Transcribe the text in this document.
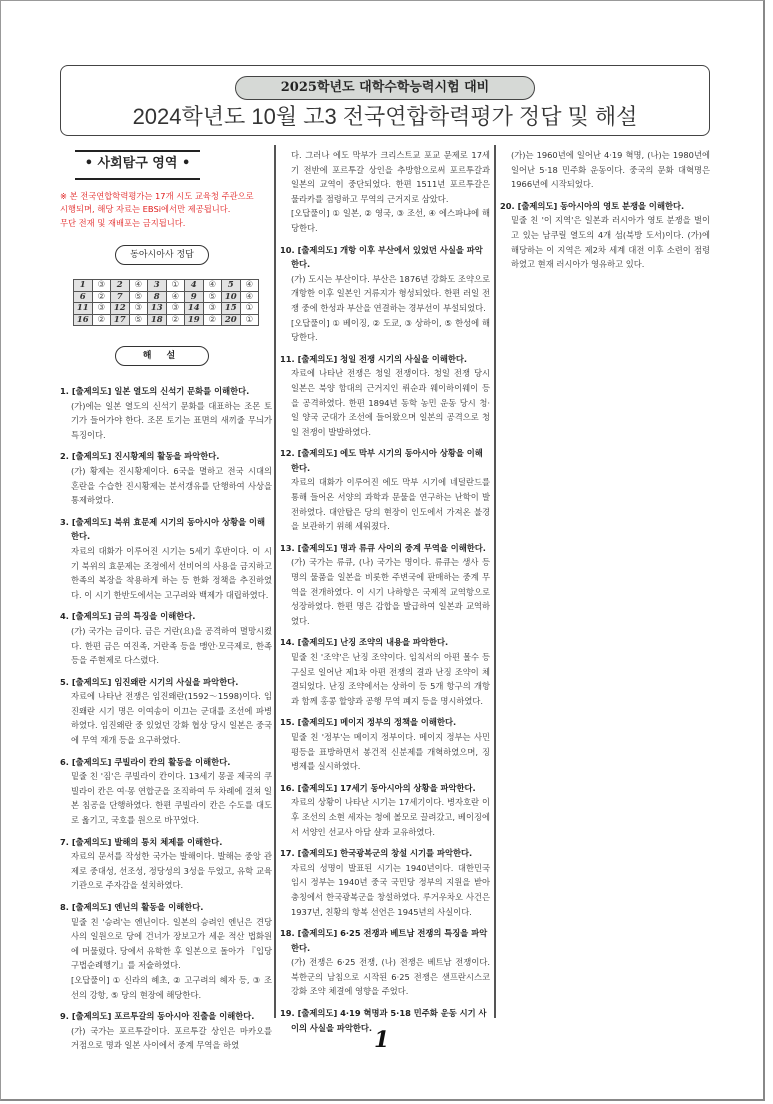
2025학년도 대학수학능력시험 대비
2024학년도 10월 고3 전국연합학력평가 정답 및 해설
• 사회탐구 영역 •
※ 본 전국연합학력평가는 17개 시도 교육청 주관으로
시행되며, 해당 자료는 EBSi에서만 제공됩니다.
무단 전재 및 재배포는 금지됩니다.
동아시아사 정답
1	③	2	④	3	①	4	④	5	④
6	②	7	⑤	8	④	9	⑤	10	④
11	③	12	③	13	③	14	③	15	①
16	②	17	⑤	18	②	19	②	20	①
해 설
1. [출제의도] 일본 열도의 신석기 문화를 이해한다.
(가)에는 일본 열도의 신석기 문화를 대표하는 조몬 토기가 들어가야 한다. 조몬 토기는 표면의 새끼줄 무늬가 특징이다.
2. [출제의도] 진시황제의 활동을 파악한다.
(가) 황제는 진시황제이다. 6국을 멸하고 전국 시대의 혼란을 수습한 진시황제는 분서갱유를 단행하여 사상을 통제하였다.
3. [출제의도] 북위 효문제 시기의 동아시아 상황을 이해한다.
자료의 대화가 이루어진 시기는 5세기 후반이다. 이 시기 북위의 효문제는 조정에서 선비어의 사용을 금지하고 한족의 복장을 착용하게 하는 등 한화 정책을 추진하였다. 이 시기 한반도에서는 고구려와 백제가 대립하였다.
4. [출제의도] 금의 특징을 이해한다.
(가) 국가는 금이다. 금은 거란(요)을 공격하여 멸망시켰다. 한편 금은 여진족, 거란족 등을 맹안·모극제로, 한족 등을 주현제로 다스렸다.
5. [출제의도] 임진왜란 시기의 사실을 파악한다.
자료에 나타난 전쟁은 임진왜란(1592～1598)이다. 임진왜란 시기 명은 이여송이 이끄는 군대를 조선에 파병하였다. 임진왜란 중 있었던 강화 협상 당시 일본은 중국에 무역 재개 등을 요구하였다.
6. [출제의도] 쿠빌라이 칸의 활동을 이해한다.
밑줄 친 '짐'은 쿠빌라이 칸이다. 13세기 몽골 제국의 쿠빌라이 칸은 여·몽 연합군을 조직하여 두 차례에 걸쳐 일본 침공을 단행하였다. 한편 쿠빌라이 칸은 수도를 대도로 옮기고, 국호를 원으로 바꾸었다.
7. [출제의도] 발해의 통치 체제를 이해한다.
자료의 문서를 작성한 국가는 발해이다. 발해는 중앙 관제로 중대성, 선조성, 정당성의 3성을 두었고, 유학 교육 기관으로 주자감을 설치하였다.
8. [출제의도] 엔닌의 활동을 이해한다.
밑줄 친 '승려'는 엔닌이다. 일본의 승려인 엔닌은 견당사의 일원으로 당에 건너가 장보고가 세운 적산 법화원에 머물렀다. 당에서 유학한 후 일본으로 돌아가 『입당구법순례행기』를 저술하였다.
[오답풀이] ① 신라의 혜초, ② 고구려의 혜자 등, ③ 조선의 강항, ⑤ 당의 현장에 해당한다.
9. [출제의도] 포르투갈의 동아시아 진출을 이해한다.
(가) 국가는 포르투갈이다. 포르투갈 상인은 마카오를 거점으로 명과 일본 사이에서 중계 무역을 하였
다. 그러나 에도 막부가 크리스트교 포교 문제로 17세기 전반에 포르투갈 상인을 추방함으로써 포르투갈과 일본의 교역이 중단되었다. 한편 1511년 포르투갈은 물라카를 점령하고 무역의 근거지로 삼았다.
[오답풀이] ① 일본, ② 영국, ③ 조선, ④ 에스파냐에 해당한다.
10. [출제의도] 개항 이후 부산에서 있었던 사실을 파악한다.
(가) 도시는 부산이다. 부산은 1876년 강화도 조약으로 개항한 이후 일본인 거류지가 형성되었다. 한편 러일 전쟁 중에 한성과 부산을 연결하는 경부선이 부설되었다.
[오답풀이] ① 베이징, ② 도쿄, ③ 상하이, ⑤ 한성에 해당한다.
11. [출제의도] 청일 전쟁 시기의 사실을 이해한다.
자료에 나타난 전쟁은 청일 전쟁이다. 청일 전쟁 당시 일본은 북양 함대의 근거지인 뤼순과 웨이하이웨이 등을 공격하였다. 한편 1894년 동학 농민 운동 당시 청·일 양국 군대가 조선에 들어왔으며 일본의 공격으로 청일 전쟁이 발발하였다.
12. [출제의도] 에도 막부 시기의 동아시아 상황을 이해한다.
자료의 대화가 이루어진 에도 막부 시기에 네덜란드를 통해 들어온 서양의 과학과 문물을 연구하는 난학이 발전하였다. 대안탑은 당의 현장이 인도에서 가져온 불경을 보관하기 위해 세워졌다.
13. [출제의도] 명과 류큐 사이의 중계 무역을 이해한다.
(가) 국가는 류큐, (나) 국가는 명이다. 류큐는 생사 등 명의 물품을 일본을 비롯한 주변국에 판매하는 중계 무역을 전개하였다. 이 시기 나하항은 국제적 교역항으로 성장하였다. 한편 명은 감합을 발급하여 일본과 교역하였다.
14. [출제의도] 난징 조약의 내용을 파악한다.
밑줄 친 '조약'은 난징 조약이다. 임칙서의 아편 몰수 등 구실로 일어난 제1차 아편 전쟁의 결과 난징 조약이 체결되었다. 난징 조약에서는 상하이 등 5개 항구의 개항과 함께 홍콩 할양과 공행 무역 폐지 등을 명시하였다.
15. [출제의도] 메이지 정부의 정책을 이해한다.
밑줄 친 '정부'는 메이지 정부이다. 메이지 정부는 사민평등을 표방하면서 봉건적 신분제를 개혁하였으며, 징병제를 실시하였다.
16. [출제의도] 17세기 동아시아의 상황을 파악한다.
자료의 상황이 나타난 시기는 17세기이다. 병자호란 이후 조선의 소현 세자는 청에 볼모로 끌려갔고, 베이징에서 서양인 선교사 아담 샬과 교유하였다.
17. [출제의도] 한국광복군의 창설 시기를 파악한다.
자료의 성명이 발표된 시기는 1940년이다. 대한민국 임시 정부는 1940년 중국 국민당 정부의 지원을 받아 충칭에서 한국광복군을 창설하였다. 루거우차오 사건은 1937년, 친황의 항복 선언은 1945년의 사실이다.
18. [출제의도] 6·25 전쟁과 베트남 전쟁의 특징을 파악한다.
(가) 전쟁은 6·25 전쟁, (나) 전쟁은 베트남 전쟁이다. 북한군의 남침으로 시작된 6·25 전쟁은 샌프란시스코 강화 조약 체결에 영향을 주었다.
19. [출제의도] 4·19 혁명과 5·18 민주화 운동 시기 사이의 사실을 파악한다.
(가)는 1960년에 일어난 4·19 혁명, (나)는 1980년에 일어난 5·18 민주화 운동이다. 중국의 문화 대혁명은 1966년에 시작되었다.
20. [출제의도] 동아시아의 영토 분쟁을 이해한다.
밑줄 친 '이 지역'은 일본과 러시아가 영토 분쟁을 벌이고 있는 남쿠릴 열도의 4개 섬(북방 도서)이다. (가)에 해당하는 이 지역은 제2차 세계 대전 이후 소련이 점령하였고 현재 러시아가 영유하고 있다.
1
